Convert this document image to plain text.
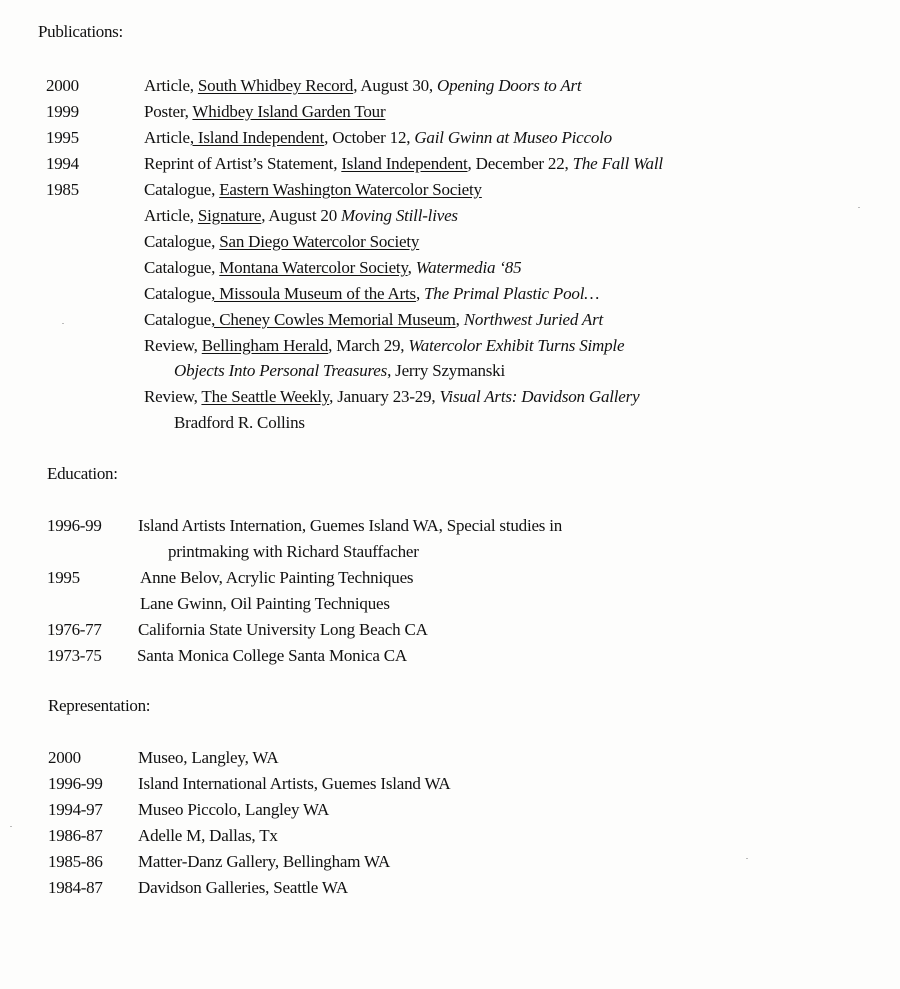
Publications:
2000	Article, South Whidbey Record, August 30, Opening Doors to Art
1999	Poster, Whidbey Island Garden Tour
1995	Article, Island Independent, October 12, Gail Gwinn at Museo Piccolo
1994	Reprint of Artist’s Statement, Island Independent, December 22, The Fall Wall
1985	Catalogue, Eastern Washington Watercolor Society
Article, Signature, August 20 Moving Still-lives
Catalogue, San Diego Watercolor Society
Catalogue, Montana Watercolor Society, Watermedia ‘85
Catalogue, Missoula Museum of the Arts, The Primal Plastic Pool…
Catalogue, Cheney Cowles Memorial Museum, Northwest Juried Art
Review, Bellingham Herald, March 29, Watercolor Exhibit Turns Simple
Objects Into Personal Treasures, Jerry Szymanski
Review, The Seattle Weekly, January 23-29, Visual Arts: Davidson Gallery
Bradford R. Collins
Education:
1996-99 Island Artists Internation, Guemes Island WA, Special studies in
printmaking with Richard Stauffacher
1995	Anne Belov, Acrylic Painting Techniques
Lane Gwinn, Oil Painting Techniques
1976-77 California State University Long Beach CA
1973-75 Santa Monica College Santa Monica CA
Representation:
2000	Museo, Langley, WA
1996-99 Island International Artists, Guemes Island WA
1994-97 Museo Piccolo, Langley WA
1986-87 Adelle M, Dallas, Tx
1985-86 Matter-Danz Gallery, Bellingham WA
1984-87 Davidson Galleries, Seattle WA
